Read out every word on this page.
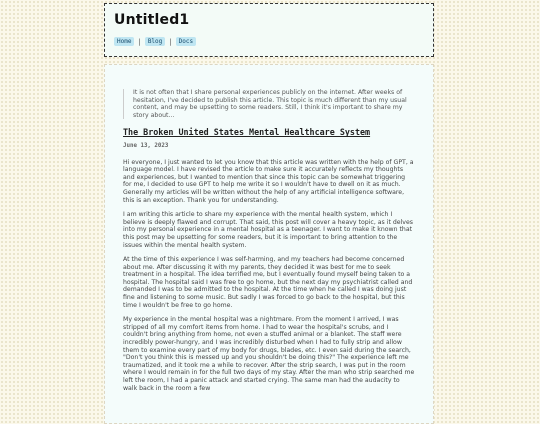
Untitled1
Home	|	Blog	|	Docs
It is not often that I share personal experiences publicly on the internet. After weeks of hesitation, I've decided to publish this article. This topic is much different than my usual content, and may be upsetting to some readers. Still, I think it's important to share my story about...
The Broken United States Mental Healthcare System
June 13, 2023

Hi everyone, I just wanted to let you know that this article was written with the help of GPT, a language model. I have revised the article to make sure it accurately reflects my thoughts and experiences, but I wanted to mention that since this topic can be somewhat triggering for me, I decided to use GPT to help me write it so I wouldn't have to dwell on it as much. Generally my articles will be written without the help of any artificial intelligence software, this is an exception. Thank you for understanding.

I am writing this article to share my experience with the mental health system, which I believe is deeply flawed and corrupt. That said, this post will cover a heavy topic, as it delves into my personal experience in a mental hospital as a teenager. I want to make it known that this post may be upsetting for some readers, but it is important to bring attention to the issues within the mental health system.

At the time of this experience I was self-harming, and my teachers had become concerned about me. After discussing it with my parents, they decided it was best for me to seek treatment in a hospital. The idea terrified me, but I eventually found myself being taken to a hospital. The hospital said I was free to go home, but the next day my psychiatrist called and demanded I was to be admitted to the hospital. At the time when he called I was doing just fine and listening to some music. But sadly I was forced to go back to the hospital, but this time I wouldn't be free to go home.

My experience in the mental hospital was a nightmare. From the moment I arrived, I was stripped of all my comfort items from home. I had to wear the hospital's scrubs, and I couldn't bring anything from home, not even a stuffed animal or a blanket. The staff were incredibly power-hungry, and I was incredibly disturbed when I had to fully strip and allow them to examine every part of my body for drugs, blades, etc. I even said during the search, "Don't you think this is messed up and you shouldn't be doing this?" The experience left me traumatized, and it took me a while to recover. After the strip search, I was put in the room where I would remain in for the full two days of my stay. After the man who strip searched me left the room, I had a panic attack and started crying. The same man had the audacity to walk back in the room a few
